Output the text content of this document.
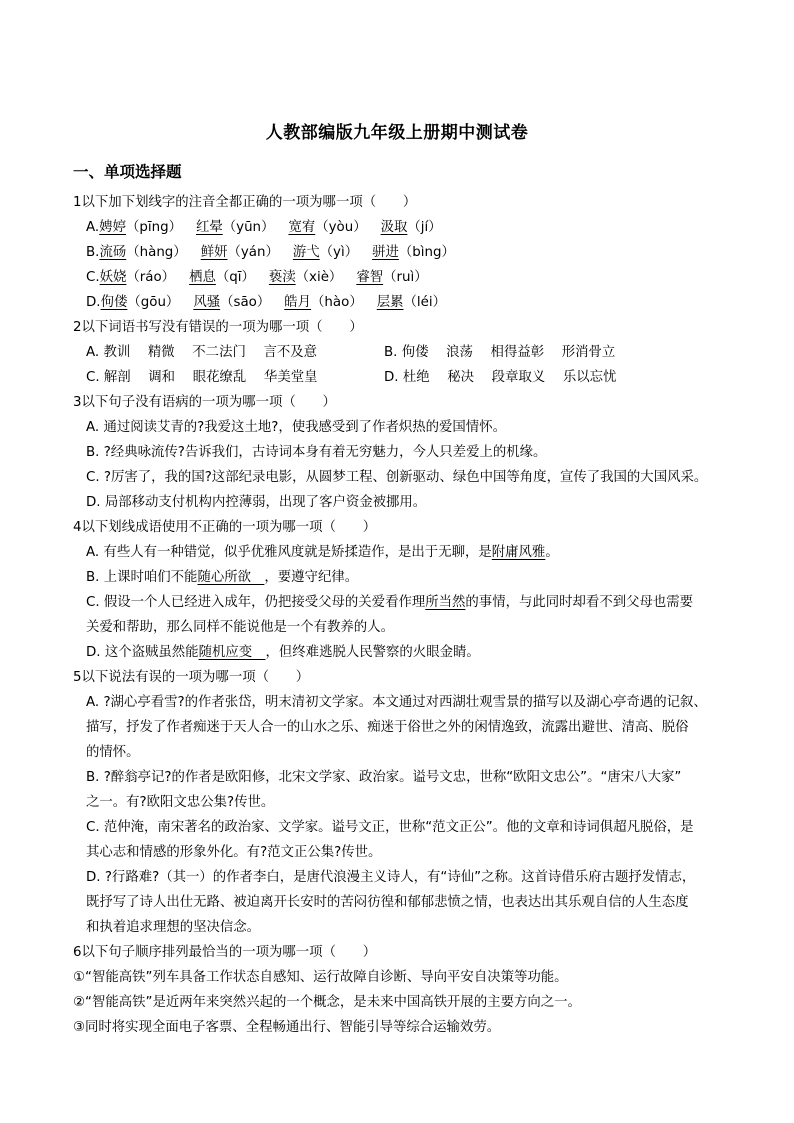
人教部编版九年级上册期中测试卷
一、单项选择题
1以下加下划线字的注音全都正确的一项为哪一项（　　）
A.娉婷（pīng） 红晕（yūn） 宽宥（yòu） 汲取（jí）
B.流砀（hàng） 鲜妍（yán） 游弋（yì） 骈进（bìng）
C.妖娆（ráo） 栖息（qī） 亵渎（xiè） 睿智（ruì）
D.佝偻（gōu） 风骚（sāo） 皓月（hào） 层累（léi）
2以下词语书写没有错误的一项为哪一项（　　）
A. 教训　 精微　 不二法门　 言不及意	B. 佝偻　 浪荡　 相得益彰　 形消骨立
C. 解剖　 调和　 眼花缭乱　 华美堂皇	D. 杜绝　 秘决　 段章取义　 乐以忘忧
3以下句子没有语病的一项为哪一项（　　）
A. 通过阅读艾青的?我爱这土地?，使我感受到了作者炽热的爱国情怀。
B. ?经典咏流传?告诉我们，古诗词本身有着无穷魅力，今人只差爱上的机缘。
C. ?厉害了，我的国?这部纪录电影，从圆梦工程、创新驱动、绿色中国等角度，宣传了我国的大国风采。
D. 局部移动支付机构内控薄弱，出现了客户资金被挪用。
4以下划线成语使用不正确的一项为哪一项（　　）
A. 有些人有一种错觉，似乎优雅风度就是矫揉造作，是出于无聊，是附庸风雅。
B. 上课时咱们不能随心所欲　，要遵守纪律。
C. 假设一个人已经进入成年，仍把接受父母的关爱看作理所当然的事情，与此同时却看不到父母也需要
关爱和帮助，那么同样不能说他是一个有教养的人。
D. 这个盗贼虽然能随机应变　，但终难逃脱人民警察的火眼金睛。
5以下说法有误的一项为哪一项（　　）
A. ?湖心亭看雪?的作者张岱，明末清初文学家。本文通过对西湖壮观雪景的描写以及湖心亭奇遇的记叙、
描写，抒发了作者痴迷于天人合一的山水之乐、痴迷于俗世之外的闲情逸致，流露出避世、清高、脱俗
的情怀。
B. ?醉翁亭记?的作者是欧阳修，北宋文学家、政治家。谥号文忠，世称“欧阳文忠公”。“唐宋八大家”
之一。有?欧阳文忠公集?传世。
C. 范仲淹，南宋著名的政治家、文学家。谥号文正，世称“范文正公”。他的文章和诗词俱超凡脱俗，是
其心志和情感的形象外化。有?范文正公集?传世。
D. ?行路难?（其一）的作者李白，是唐代浪漫主义诗人，有“诗仙”之称。这首诗借乐府古题抒发情志，
既抒写了诗人出仕无路、被迫离开长安时的苦闷彷徨和郁郁悲愤之情，也表达出其乐观自信的人生态度
和执着追求理想的坚决信念。
6以下句子顺序排列最恰当的一项为哪一项（　　）
①“智能高铁”列车具备工作状态自感知、运行故障自诊断、导向平安自决策等功能。
②“智能高铁”是近两年来突然兴起的一个概念，是未来中国高铁开展的主要方向之一。
③同时将实现全面电子客票、全程畅通出行、智能引导等综合运输效劳。
